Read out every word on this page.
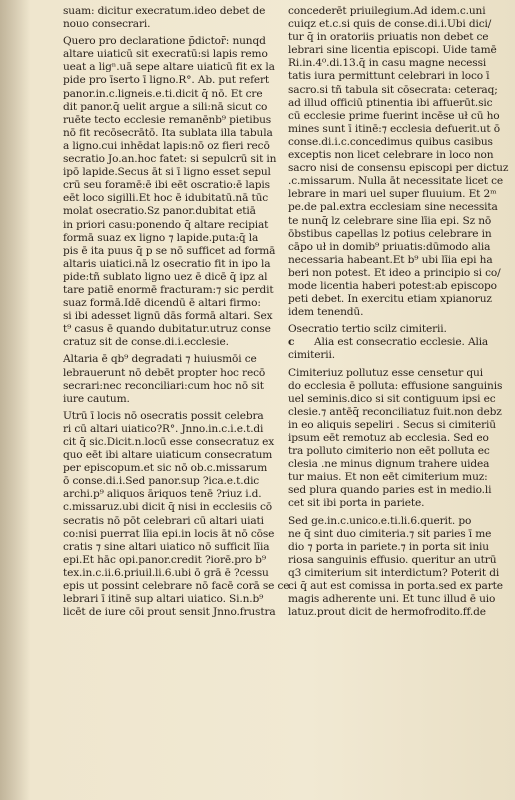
suam: dicitur execratum.ideo debet de
nouo consecrari.
Quero pro declaratione p̄dictor̄: nunqd
altare uiaticū sit execratū:si lapis remo
ueat a ligⁿ.uā sepe altare uiaticū fit ex la
pide pro īserto ī ligno.R°. Ab. put refert
panor.in.c.ligneis.e.ti.dicit q̄ nō. Et cre
dit panor.q̄ uelit argue a sili:nā sicut co
ruēte tecto ecclesie remanēnb⁹ pietibus
nō fit recōsecrātō. Ita sublata illa tabula
a ligno.cui inhēdat lapis:nō oz fieri recō
secratio Jo.an.hoc fatet: si sepulcrū sit in
ipō lapide.Secus āt si ī ligno esset sepul
crū seu foramē:ē ibi eēt oscratio:ē lapis
eēt loco sigilli.Et hoc ē idubitatū.nā tūc
molat osecratio.Sz panor.dubitat etiā
in priori casu:ponendo q̄ altare recipiat
formā suaz ex ligno ⁊ lapide.puta:q̄ la
pis ē ita puus q̄ p se nō sufficet ad formā
altaris uiatici.nā lz osecratio fit in ipo la
pide:tñ sublato ligno uez ē dicē q̄ ipz al
tare patiē enormē fracturam:⁊ sic perdit
suaz formā.Idē dicendū ē altari firmo:
si ibi adesset lignū dās formā altari. Sex
t⁹ casus ē quando dubitatur.utruz conse
cratuz sit de conse.di.i.ecclesie.
Altaria ē qb⁹ degradati ⁊ huiusmōi ce
lebrauerunt nō debēt propter hoc recō
secrari:nec reconciliari:cum hoc nō sit
iure cautum.
Utrū ī locis nō osecratis possit celebra
ri cū altari uiatico?R°. Jnno.in.c.i.e.t.di
cit q̄ sic.Dicit.n.locū esse consecratuz ex
quo eēt ibi altare uiaticum consecratum
per episcopum.et sic nō ob.c.missarum
ō conse.di.i.Sed panor.sup ?ica.e.t.dic
archi.p⁹ aliquos āriquos tenē ?riuz i.d.
c.missaruz.ubi dicit q̄ nisi in ecclesiis cō
secratis nō pōt celebrari cū altari uiati
co:nisi puerrat līia epi.in locis āt nō cōse
cratis ⁊ sine altari uiatico nō sufficit līia
epi.Et hāc opi.panor.credit ?iorē.pro b⁹
tex.in.c.ii.6.priuil.li.6.ubi ō grā ē ?cessu
epis ut possint celebrare nō facē corā se ce
lebrari ī itinē sup altari uiatico. Si.n.b⁹
licēt de iure cōi prout sensit Jnno.frustra
concederēt priuilegium.Ad idem.c.uni
cuiqz et.c.si quis de conse.di.i.Ubi dici/
tur q̄ in oratoriis priuatis non debet ce
lebrari sine licentia episcopi. Uide tamē
Ri.in.4⁰.di.13.q̄ in casu magne necessi
tatis iura permittunt celebrari in loco ī
sacro.si tñ tabula sit cōsecrata: ceteraq;
ad illud officiū ptinentia ibi affuerūt.sic
cū ecclesie prime fuerint incēse uł cū ho
mines sunt ī itinē:⁊ ecclesia defuerit.ut ō
conse.di.i.c.concedimus quibus casibus
exceptis non licet celebrare in loco non
sacro nisi de consensu episcopi per dictuz
.c.missarum. Nulla āt necessitate licet ce
lebrare in mari uel super fluuium. Et 2ᵐ
pe.de pal.extra ecclesiam sine necessita
te nunq̄ lz celebrare sine līia epi. Sz nō
ōbstibus capellas lz potius celebrare in
cāpo uł in domib⁹ priuatis:dūmodo alia
necessaria habeant.Et b⁹ ubi līia epi ha
beri non potest. Et ideo a principio si co/
mode licentia haberi potest:ab episcopo
peti debet. In exercitu etiam xpianoruz
idem tenendū.
Osecratio tertio scilz cimiterii.
c Alia est consecratio ecclesie. Alia
cimiterii.
Cimiteriuz pollutuz esse censetur qui
do ecclesia ē polluta: effusione sanguinis
uel seminis.dico si sit contiguum ipsi ec
clesie.⁊ antēq̄ reconciliatuz fuit.non debz
in eo aliquis sepeliri . Secus si cimiteriū
ipsum eēt remotuz ab ecclesia. Sed eo
tra polluto cimiterio non eēt polluta ec
clesia .ne minus dignum trahere uidea
tur maius. Et non eēt cimiterium muz:
sed plura quando paries est in medio.li
cet sit ibi porta in pariete.
Sed ge.in.c.unico.e.ti.li.6.querit. po
ne q̄ sint duo cimiteria.⁊ sit paries ī me
dio ⁊ porta in pariete.⁊ in porta sit iniu
riosa sanguinis effusio. queritur an utrū
q3 cimiterium sit interdictum? Poterit di
ci q̄ aut est comissa in porta.sed ex parte
magis adherente uni. Et tunc illud ē uio
latuz.prout dicit de hermofrodito.ff.de
